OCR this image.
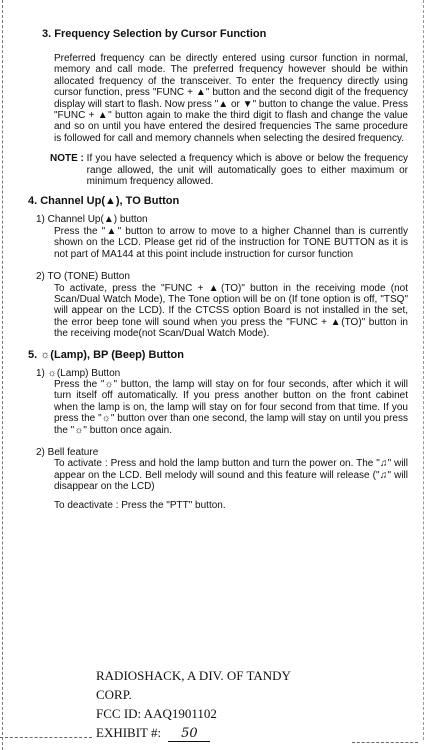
3. Frequency Selection by Cursor Function

Preferred frequency can be directly entered using cursor function in normal, memory and call mode. The preferred frequency however should be within allocated frequency of the transceiver. To enter the frequency directly using cursor function, press "FUNC + ▲" button and the second digit of the frequency display will start to flash. Now press "▲ or ▼" button to change the value. Press "FUNC + ▲" button again to make the third digit to flash and change the value and so on until you have entered the desired frequencies The same procedure is followed for call and memory channels when selecting the desired frequency.

NOTE : If you have selected a frequency which is above or below the frequency range allowed, the unit will automatically goes to either maximum or minimum frequency allowed.
4. Channel Up(▲), TO Button
1) Channel Up(▲) button

Press the "▲" button to arrow to move to a higher Channel than is currently shown on the LCD. Please get rid of the instruction for TONE BUTTON as it is not part of MA144 at this point include instruction for cursor function

2) TO (TONE) Button

To activate, press the "FUNC + ▲(TO)" button in the receiving mode (not Scan/Dual Watch Mode), The Tone option will be on (If tone option is off, "TSQ" will appear on the LCD). If the CTCSS option Board is not installed in the set, the error beep tone will sound when you press the "FUNC + ▲(TO)" button in the receiving mode(not Scan/Dual Watch Mode).

5. ☼(Lamp), BP (Beep) Button
1) ☼(Lamp) Button

Press the "☼" button, the lamp will stay on for four seconds, after which it will turn itself off automatically. If you press another button on the front cabinet when the lamp is on, the lamp will stay on for four second from that time. If you press the "☼" button over than one second, the lamp will stay on until you press the "☼" button once again.

2) Bell feature

To activate : Press and hold the lamp button and turn the power on. The "♫" will appear on the LCD. Bell melody will sound and this feature will release ("♫" will disappear on the LCD)

To deactivate : Press the "PTT" button.
RADIOSHACK, A DIV. OF TANDY
CORP.
FCC ID: AAQ1901102
EXHIBIT #: 50
